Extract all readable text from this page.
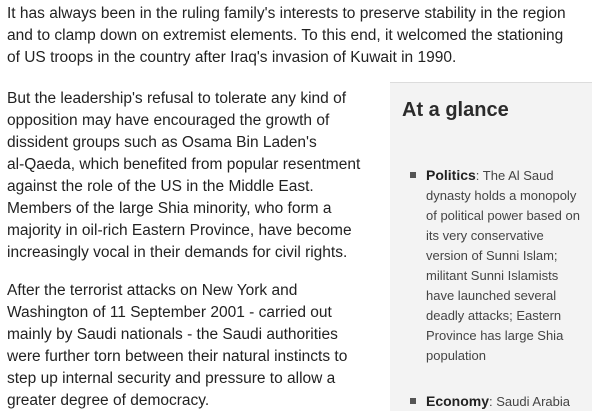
It has always been in the ruling family's interests to preserve stability in the region
and to clamp down on extremist elements. To this end, it welcomed the stationing
of US troops in the country after Iraq's invasion of Kuwait in 1990.

But the leadership's refusal to tolerate any kind of
opposition may have encouraged the growth of
dissident groups such as Osama Bin Laden's
al-Qaeda, which benefited from popular resentment
against the role of the US in the Middle East.
Members of the large Shia minority, who form a
majority in oil-rich Eastern Province, have become
increasingly vocal in their demands for civil rights.

After the terrorist attacks on New York and
Washington of 11 September 2001 - carried out
mainly by Saudi nationals - the Saudi authorities
were further torn between their natural instincts to
step up internal security and pressure to allow a
greater degree of democracy.

At a glance
Politics: The Al Saud
dynasty holds a monopoly
of political power based on
its very conservative
version of Sunni Islam;
militant Sunni Islamists
have launched several
deadly attacks; Eastern
Province has large Shia
population
Economy: Saudi Arabia
